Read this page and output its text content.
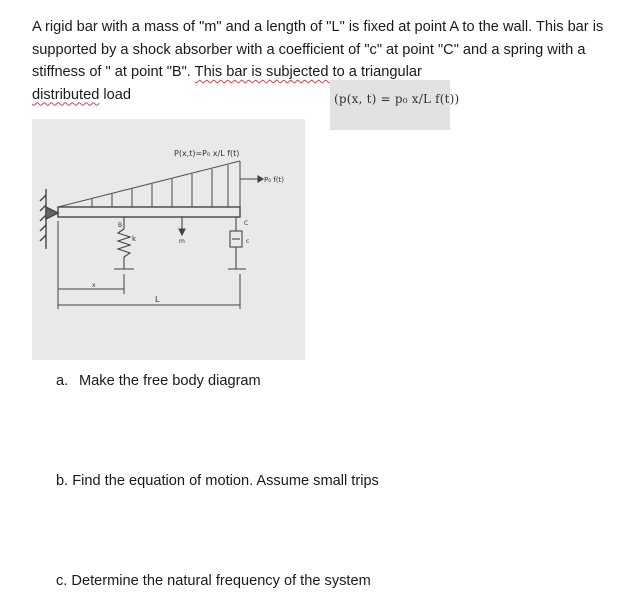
A rigid bar with a mass of "m" and a length of "L" is fixed at point A to the wall. This bar is supported by a shock absorber with a coefficient of "c" at point "C" and a spring with a stiffness of " at point "B". This bar is subjected to a triangular
distributed load	(p(x, t) = p₀ x/L f(t))
P(x,t)=P₀ x/L f(t)
P₀ f(t)
k
B
m
C
c
x
L

a. Make the free body diagram

b. Find the equation of motion. Assume small trips

c. Determine the natural frequency of the system
